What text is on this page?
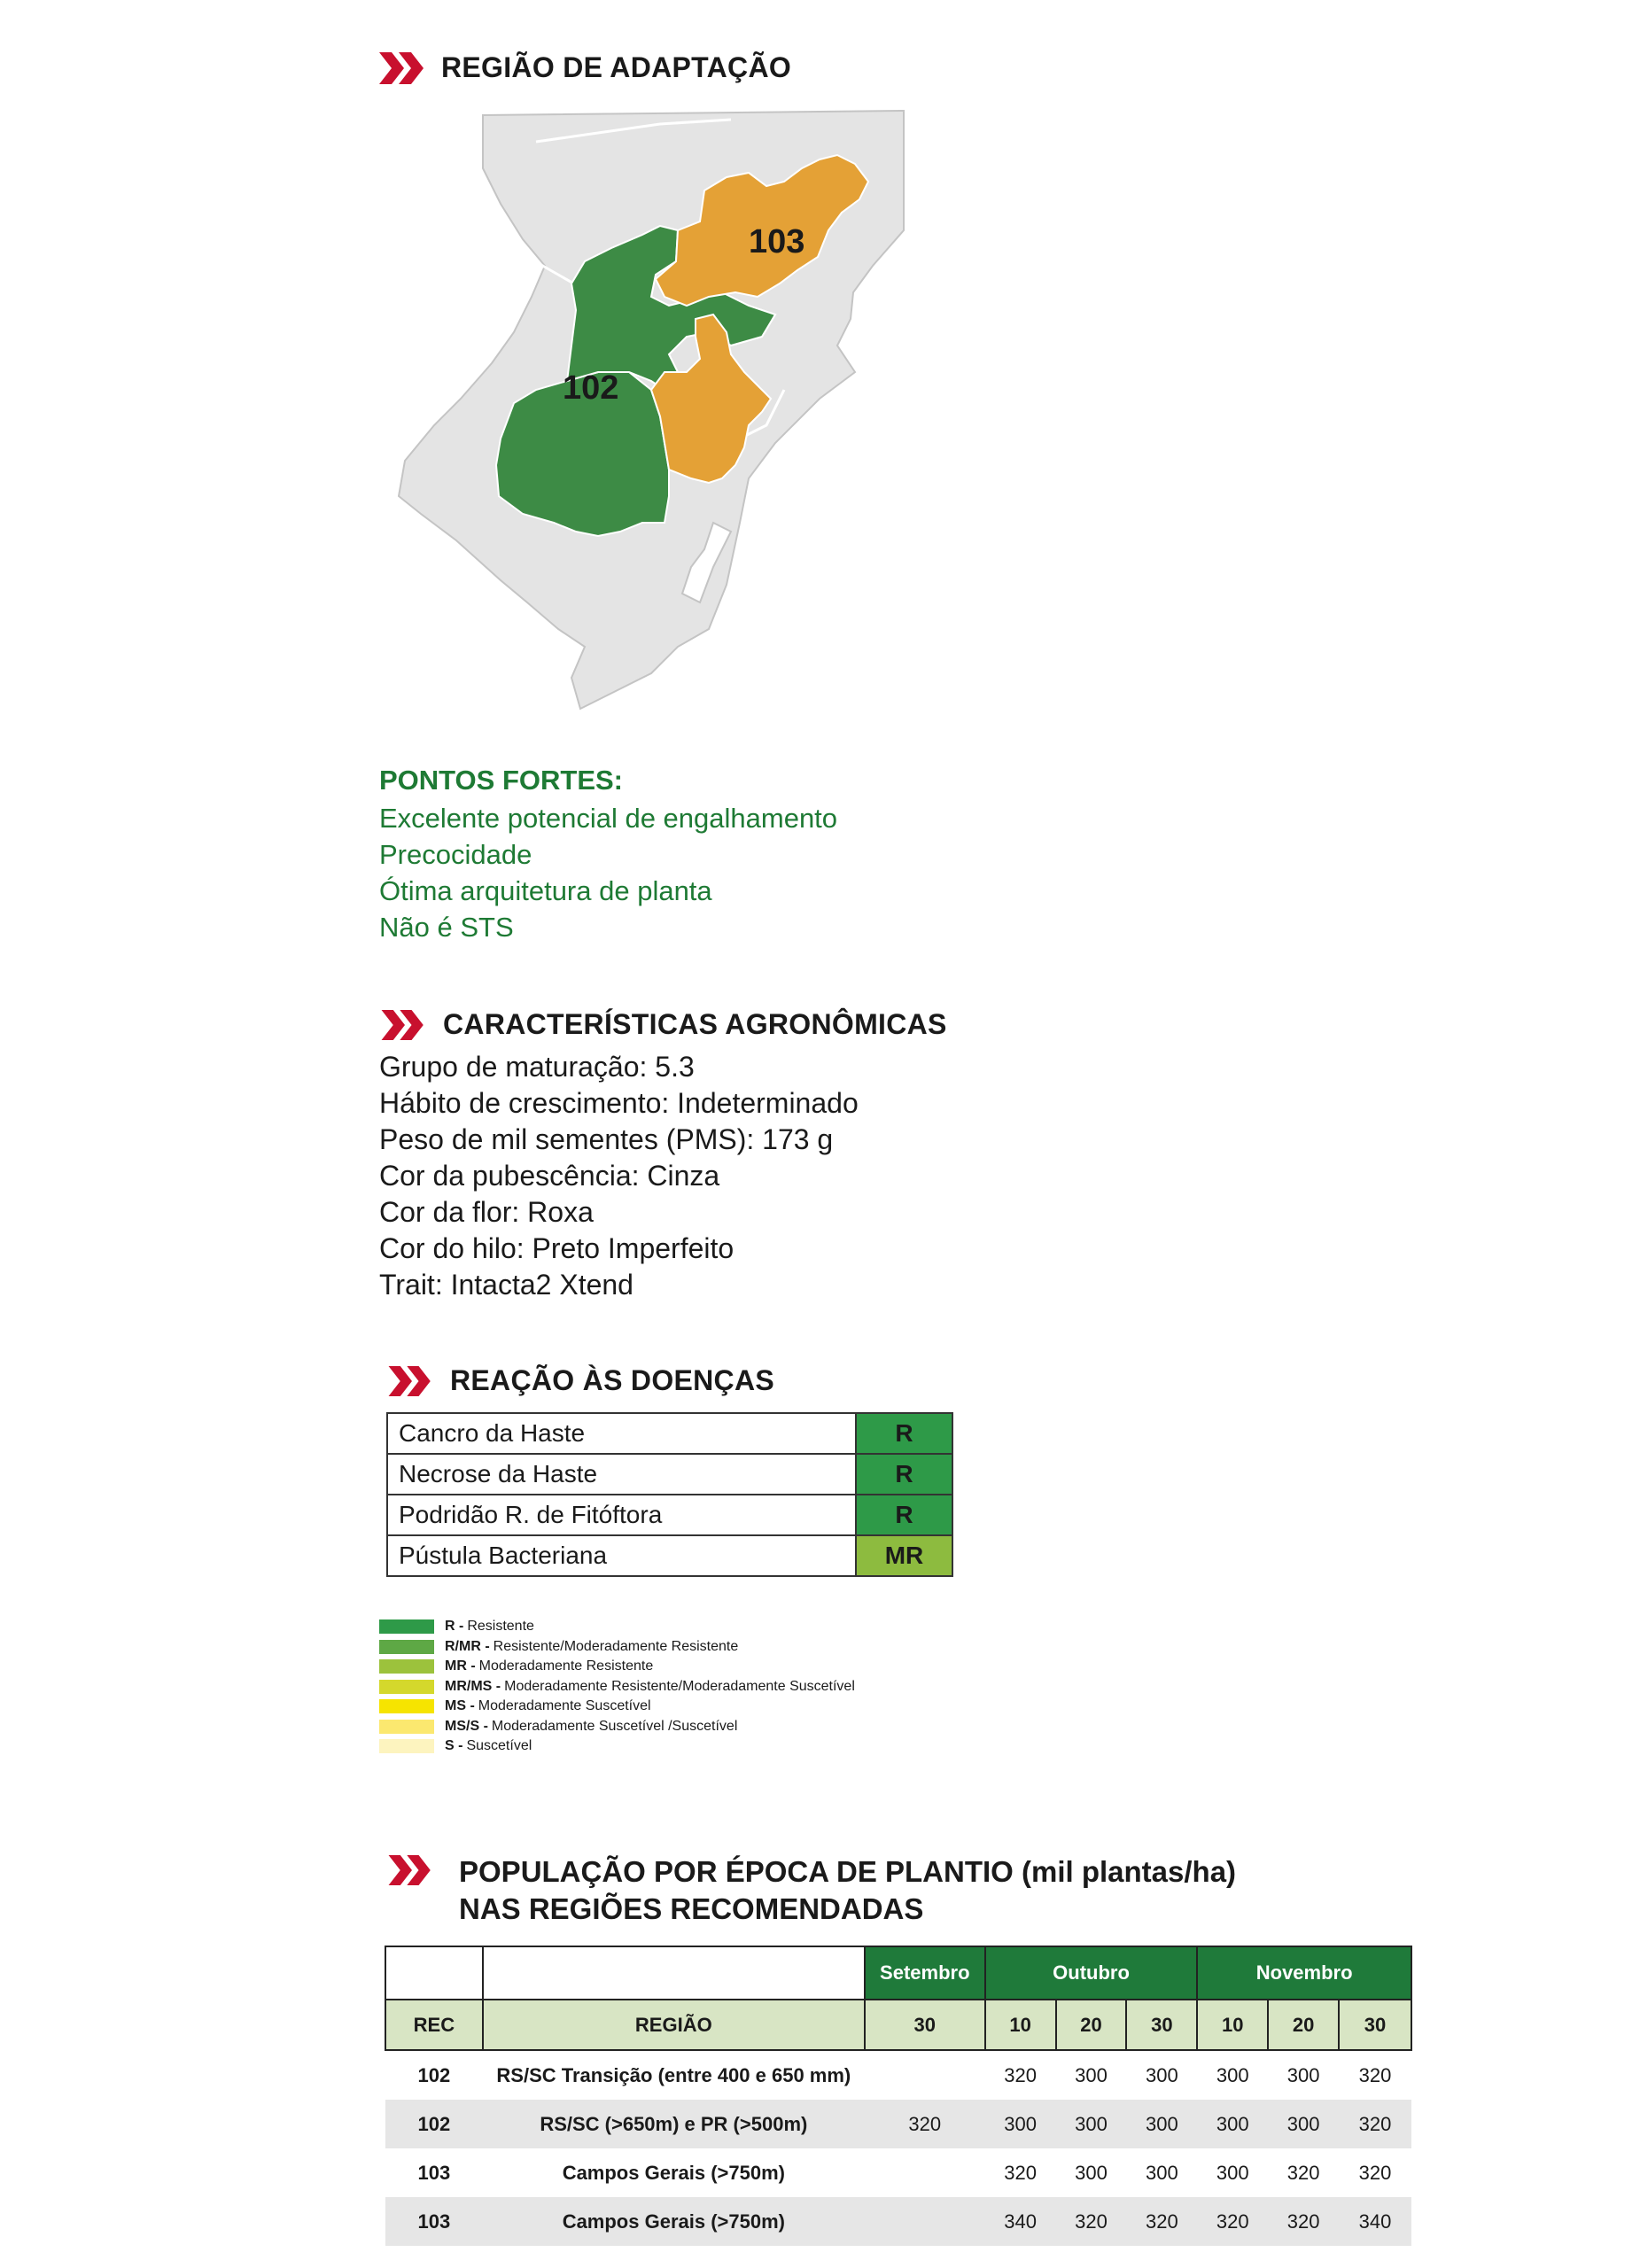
REGIÃO DE ADAPTAÇÃO
103
102
PONTOS FORTES:
Excelente potencial de engalhamento
Precocidade
Ótima arquitetura de planta
Não é STS
CARACTERÍSTICAS AGRONÔMICAS
Grupo de maturação: 5.3
Hábito de crescimento: Indeterminado
Peso de mil sementes (PMS): 173 g
Cor da pubescência: Cinza
Cor da flor: Roxa
Cor do hilo: Preto Imperfeito
Trait: Intacta2 Xtend
REAÇÃO ÀS DOENÇAS
Cancro da Haste	R
Necrose da Haste	R
Podridão R. de Fitóftora	R
Pústula Bacteriana	MR
R - Resistente
R/MR - Resistente/Moderadamente Resistente
MR - Moderadamente Resistente
MR/MS - Moderadamente Resistente/Moderadamente Suscetível
MS - Moderadamente Suscetível
MS/S - Moderadamente Suscetível /Suscetível
S - Suscetível
POPULAÇÃO POR ÉPOCA DE PLANTIO (mil plantas/ha)
NAS REGIÕES RECOMENDADAS
		Setembro	Outubro			Novembro		
REC	REGIÃO	30	10	20	30	10	20	30
102	RS/SC Transição (entre 400 e 650 mm)		320	300	300	300	300	320
102	RS/SC (>650m) e PR (>500m)	320	300	300	300	300	300	320
103	Campos Gerais (>750m)		320	300	300	300	320	320
103	Campos Gerais (>750m)		340	320	320	320	320	340
